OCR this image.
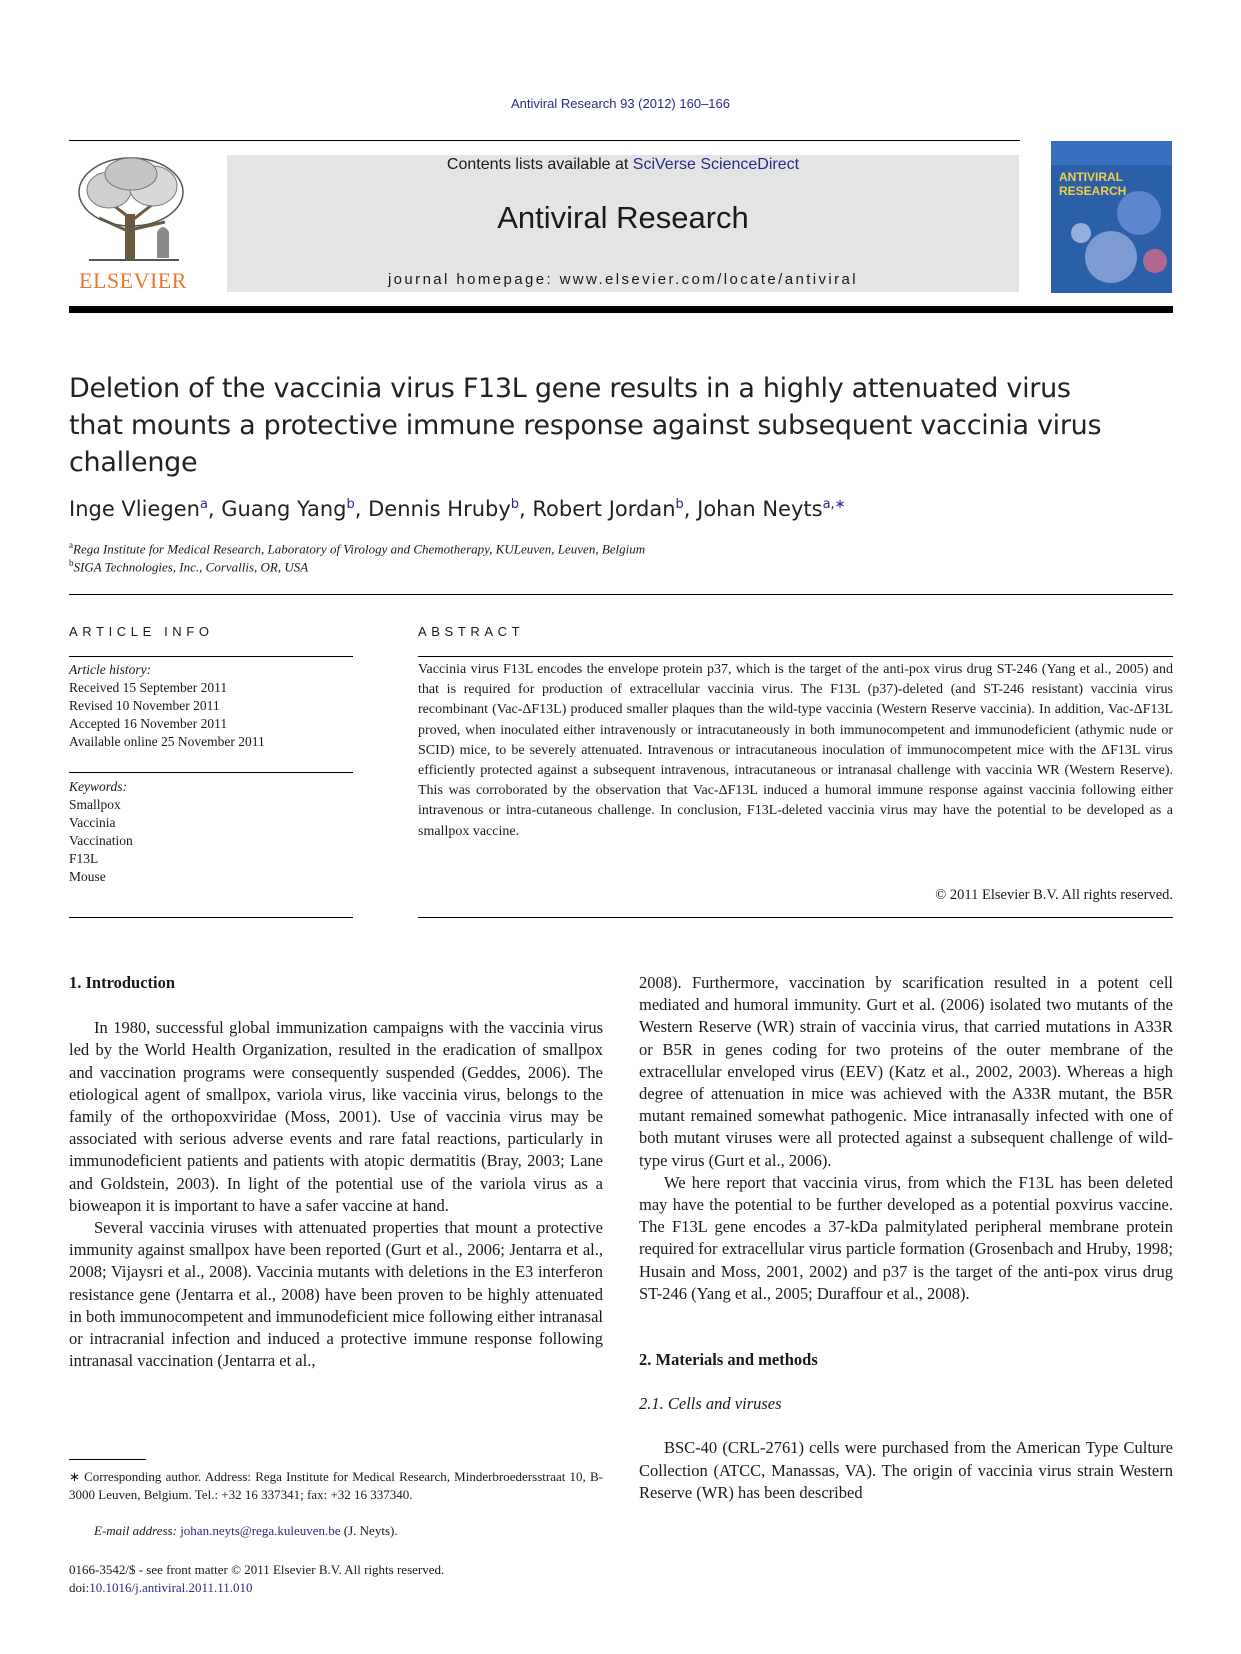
Antiviral Research 93 (2012) 160–166
ELSEVIER
Contents lists available at SciVerse ScienceDirect
Antiviral Research
journal homepage: www.elsevier.com/locate/antiviral
ANTIVIRAL
RESEARCH
Deletion of the vaccinia virus F13L gene results in a highly attenuated virus
that mounts a protective immune response against subsequent vaccinia virus
challenge
Inge Vliegen$^a$, Guang Yang$^b$, Dennis Hruby$^b$, Robert Jordan$^b$, Johan Neyts$^{a,∗}$
$^a$Rega Institute for Medical Research, Laboratory of Virology and Chemotherapy, KULeuven, Leuven, Belgium
$^b$SIGA Technologies, Inc., Corvallis, OR, USA
ARTICLE INFO
Article history:
Received 15 September 2011
Revised 10 November 2011
Accepted 16 November 2011
Available online 25 November 2011
Keywords:
Smallpox
Vaccinia
Vaccination
F13L
Mouse
ABSTRACT
Vaccinia virus F13L encodes the envelope protein p37, which is the target of the anti-pox virus drug ST-246 (Yang et al., 2005) and that is required for production of extracellular vaccinia virus. The F13L (p37)-deleted (and ST-246 resistant) vaccinia virus recombinant (Vac-ΔF13L) produced smaller plaques than the wild-type vaccinia (Western Reserve vaccinia). In addition, Vac-ΔF13L proved, when inoculated either intravenously or intracutaneously in both immunocompetent and immunodeficient (athymic nude or SCID) mice, to be severely attenuated. Intravenous or intracutaneous inoculation of immunocompetent mice with the ΔF13L virus efficiently protected against a subsequent intravenous, intracutaneous or intranasal challenge with vaccinia WR (Western Reserve). This was corroborated by the observation that Vac-ΔF13L induced a humoral immune response against vaccinia following either intravenous or intra-cutaneous challenge. In conclusion, F13L-deleted vaccinia virus may have the potential to be developed as a smallpox vaccine.
© 2011 Elsevier B.V. All rights reserved.
1. Introduction

In 1980, successful global immunization campaigns with the vaccinia virus led by the World Health Organization, resulted in the eradication of smallpox and vaccination programs were consequently suspended (Geddes, 2006). The etiological agent of smallpox, variola virus, like vaccinia virus, belongs to the family of the orthopoxviridae (Moss, 2001). Use of vaccinia virus may be associated with serious adverse events and rare fatal reactions, particularly in immunodeficient patients and patients with atopic dermatitis (Bray, 2003; Lane and Goldstein, 2003). In light of the potential use of the variola virus as a bioweapon it is important to have a safer vaccine at hand.

Several vaccinia viruses with attenuated properties that mount a protective immunity against smallpox have been reported (Gurt et al., 2006; Jentarra et al., 2008; Vijaysri et al., 2008). Vaccinia mutants with deletions in the E3 interferon resistance gene (Jentarra et al., 2008) have been proven to be highly attenuated in both immunocompetent and immunodeficient mice following either intranasal or intracranial infection and induced a protective immune response following intranasal vaccination (Jentarra et al.,

2008). Furthermore, vaccination by scarification resulted in a potent cell mediated and humoral immunity. Gurt et al. (2006) isolated two mutants of the Western Reserve (WR) strain of vaccinia virus, that carried mutations in A33R or B5R in genes coding for two proteins of the outer membrane of the extracellular enveloped virus (EEV) (Katz et al., 2002, 2003). Whereas a high degree of attenuation in mice was achieved with the A33R mutant, the B5R mutant remained somewhat pathogenic. Mice intranasally infected with one of both mutant viruses were all protected against a subsequent challenge of wild-type virus (Gurt et al., 2006).

We here report that vaccinia virus, from which the F13L has been deleted may have the potential to be further developed as a potential poxvirus vaccine. The F13L gene encodes a 37-kDa palmitylated peripheral membrane protein required for extracellular virus particle formation (Grosenbach and Hruby, 1998; Husain and Moss, 2001, 2002) and p37 is the target of the anti-pox virus drug ST-246 (Yang et al., 2005; Duraffour et al., 2008).

2. Materials and methods
2.1. Cells and viruses

BSC-40 (CRL-2761) cells were purchased from the American Type Culture Collection (ATCC, Manassas, VA). The origin of vaccinia virus strain Western Reserve (WR) has been described

∗ Corresponding author. Address: Rega Institute for Medical Research, Minderbroedersstraat 10, B-3000 Leuven, Belgium. Tel.: +32 16 337341; fax: +32 16 337340.
E-mail address: johan.neyts@rega.kuleuven.be (J. Neyts).
0166-3542/$ - see front matter © 2011 Elsevier B.V. All rights reserved.
doi:10.1016/j.antiviral.2011.11.010
